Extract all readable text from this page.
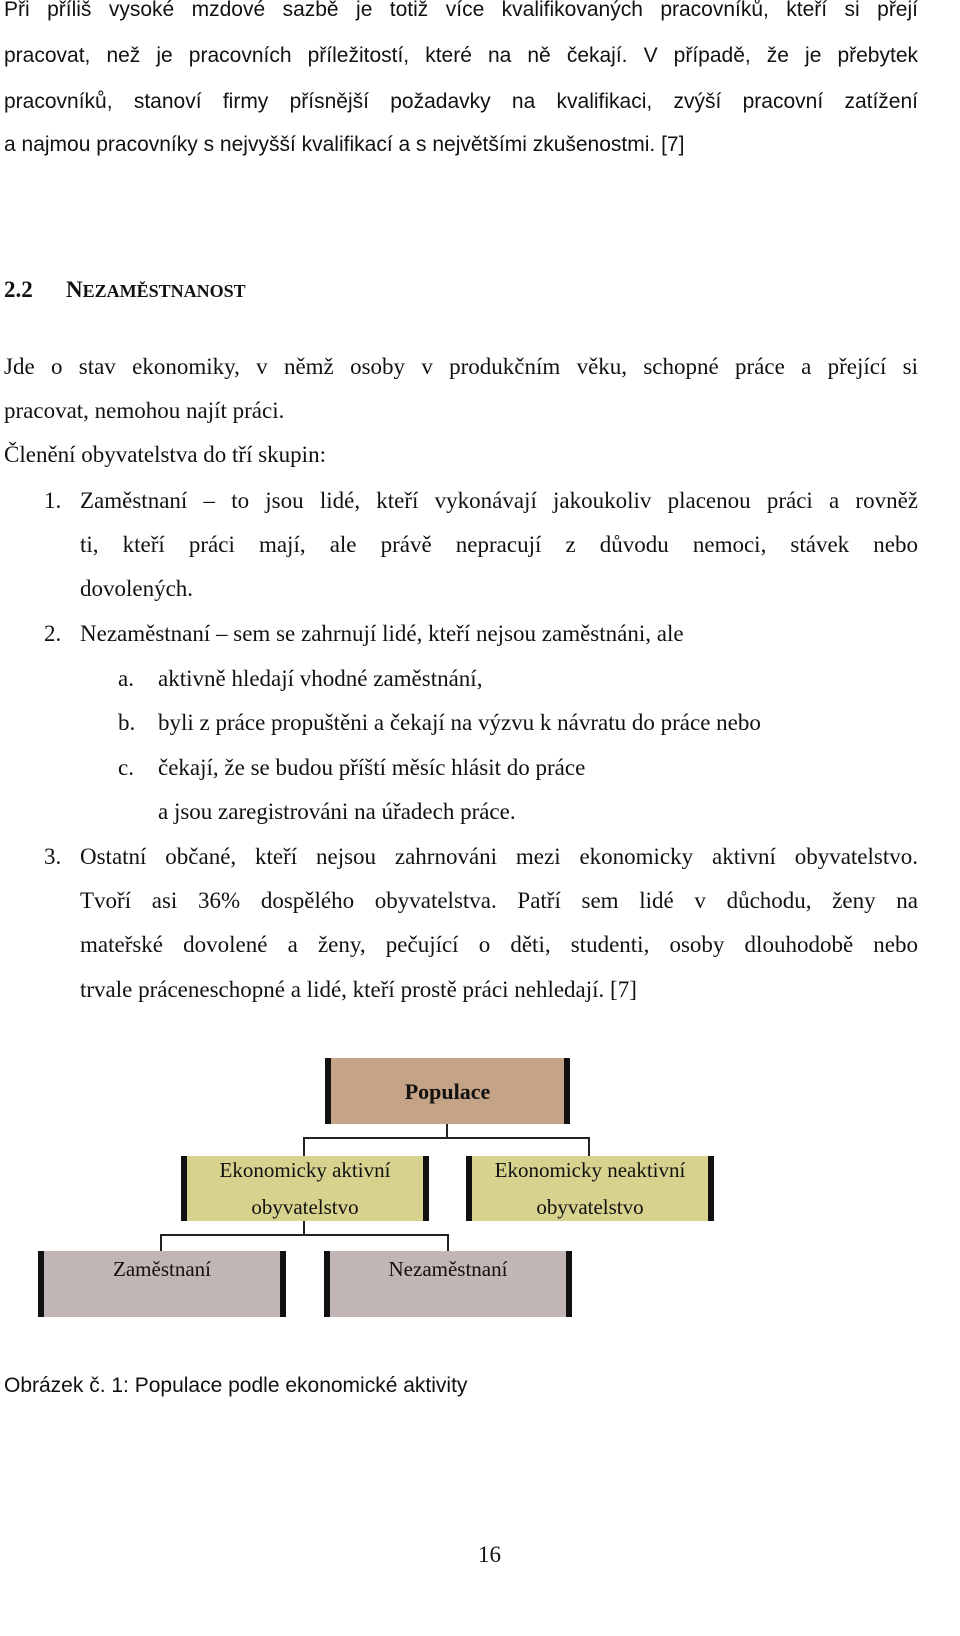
Při příliš vysoké mzdové sazbě je totiž více kvalifikovaných pracovníků, kteří si přejí
pracovat, než je pracovních příležitostí, které na ně čekají. V případě, že je přebytek
pracovníků, stanoví firmy přísnější požadavky na kvalifikaci, zvýší pracovní zatížení
a najmou pracovníky s nejvyšší kvalifikací a s největšími zkušenostmi. [7]
2.2 NEZAMĚSTNANOST
Jde o stav ekonomiky, v němž osoby v produkčním věku, schopné práce a přející si
pracovat, nemohou najít práci.
Členění obyvatelstva do tří skupin:
1. Zaměstnaní – to jsou lidé, kteří vykonávají jakoukoliv placenou práci a rovněž
ti, kteří práci mají, ale právě nepracují z důvodu nemoci, stávek nebo
dovolených.
2. Nezaměstnaní – sem se zahrnují lidé, kteří nejsou zaměstnáni, ale
a. aktivně hledají vhodné zaměstnání,
b. byli z práce propuštěni a čekají na výzvu k návratu do práce nebo
c. čekají, že se budou příští měsíc hlásit do práce
a jsou zaregistrováni na úřadech práce.
3. Ostatní občané, kteří nejsou zahrnováni mezi ekonomicky aktivní obyvatelstvo.
Tvoří asi 36% dospělého obyvatelstva. Patří sem lidé v důchodu, ženy na
mateřské dovolené a ženy, pečující o děti, studenti, osoby dlouhodobě nebo
trvale práceneschopné a lidé, kteří prostě práci nehledají. [7]
Populace
Ekonomicky aktivní
obyvatelstvo
Ekonomicky neaktivní
obyvatelstvo
Zaměstnaní	Nezaměstnaní
Obrázek č. 1: Populace podle ekonomické aktivity
16
